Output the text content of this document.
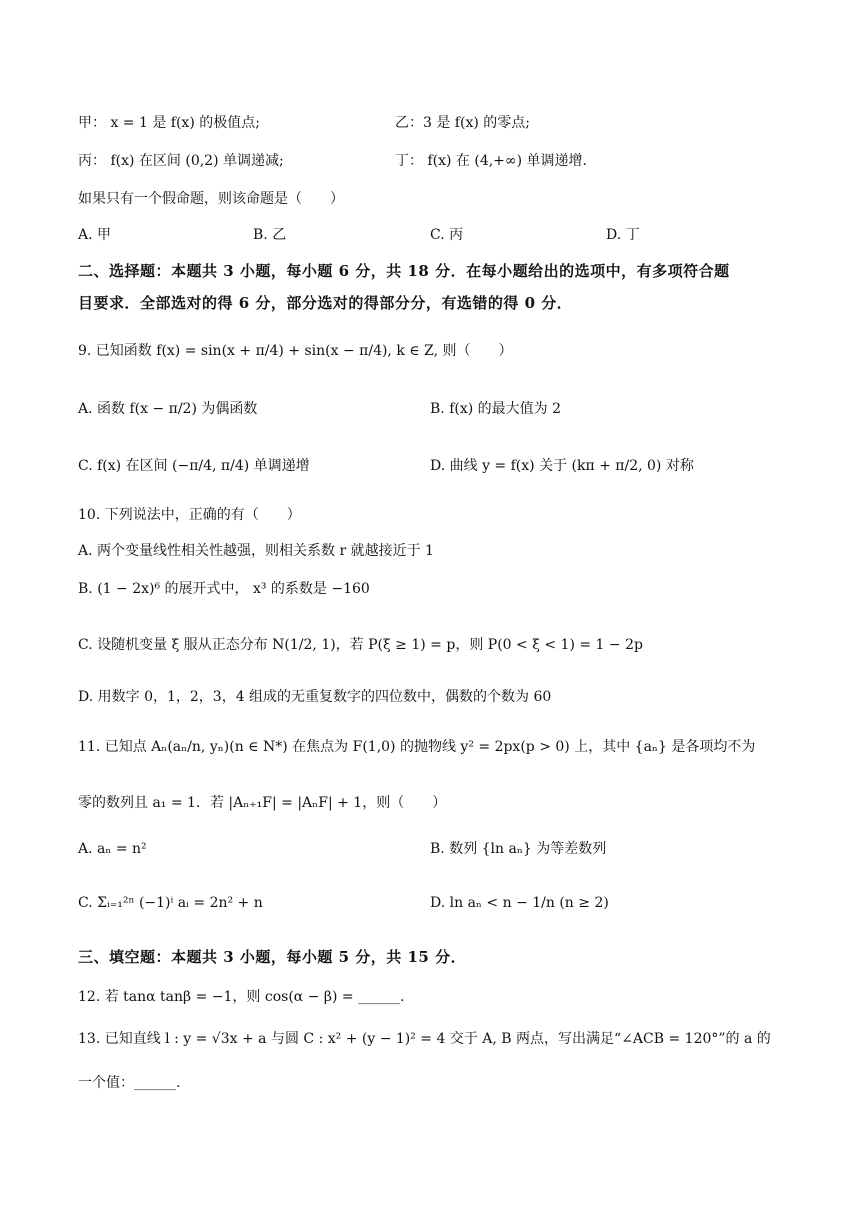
甲： x = 1 是 f(x) 的极值点;	乙：3 是 f(x) 的零点;
丙： f(x) 在区间 (0,2) 单调递减;	丁： f(x) 在 (4,+∞) 单调递增.
如果只有一个假命题，则该命题是（　　）
A. 甲	B. 乙	C. 丙	D. 丁
二、选择题：本题共 3 小题，每小题 6 分，共 18 分．在每小题给出的选项中，有多项符合题
目要求．全部选对的得 6 分，部分选对的得部分分，有选错的得 0 分．
9. 已知函数 f(x) = sin(x + π/4) + sin(x − π/4), k ∈ Z, 则（　　）
A. 函数 f(x − π/2) 为偶函数	B. f(x) 的最大值为 2
C. f(x) 在区间 (−π/4, π/4) 单调递增	D. 曲线 y = f(x) 关于 (kπ + π/2, 0) 对称
10. 下列说法中，正确的有（　　）
A. 两个变量线性相关性越强，则相关系数 r 就越接近于 1
B. (1 − 2x)⁶ 的展开式中， x³ 的系数是 −160
C. 设随机变量 ξ 服从正态分布 N(1/2, 1)，若 P(ξ ≥ 1) = p，则 P(0 < ξ < 1) = 1 − 2p
D. 用数字 0，1，2，3，4 组成的无重复数字的四位数中，偶数的个数为 60
11. 已知点 Aₙ(aₙ/n, yₙ)(n ∈ N*) 在焦点为 F(1,0) 的抛物线 y² = 2px(p > 0) 上，其中 {aₙ} 是各项均不为
零的数列且 a₁ = 1．若 |Aₙ₊₁F| = |AₙF| + 1，则（　　）
A. aₙ = n²	B. 数列 {ln aₙ} 为等差数列
C. Σᵢ₌₁²ⁿ (−1)ⁱ aᵢ = 2n² + n	D. ln aₙ < n − 1/n (n ≥ 2)
三、填空题：本题共 3 小题，每小题 5 分，共 15 分．
12. 若 tanα tanβ = −1，则 cos(α − β) = ______.
13. 已知直线 l : y = √3x + a 与圆 C : x² + (y − 1)² = 4 交于 A, B 两点，写出满足“∠ACB = 120°”的 a 的
一个值：______.
